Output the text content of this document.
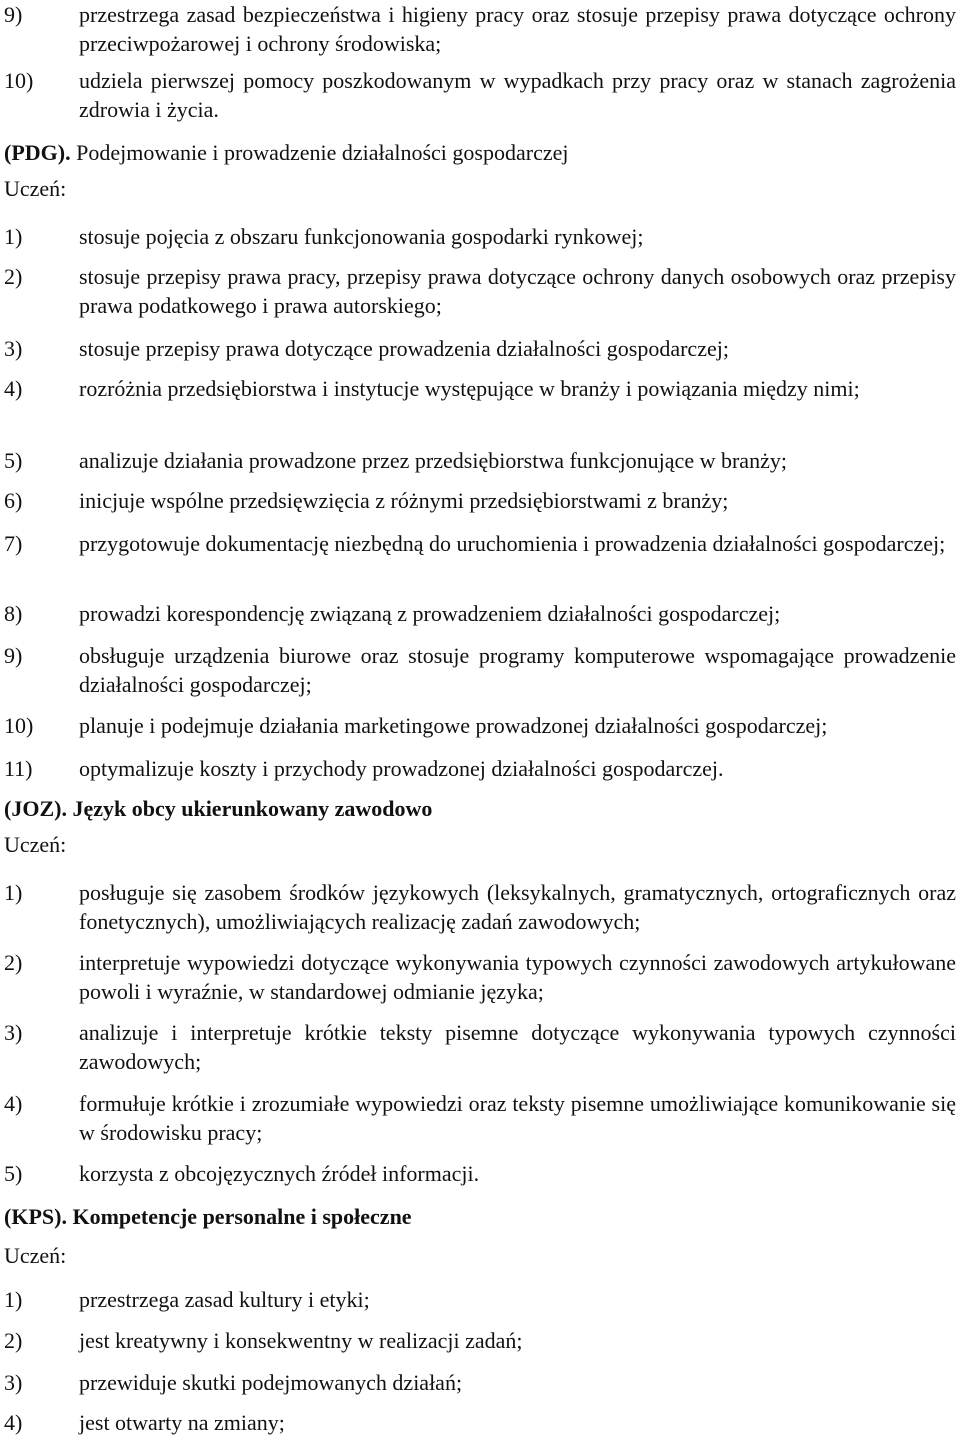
9)	przestrzega zasad bezpieczeństwa i higieny pracy oraz stosuje przepisy prawa dotyczące ochrony przeciwpożarowej i ochrony środowiska;
10) udziela pierwszej pomocy poszkodowanym w wypadkach przy pracy oraz w stanach zagrożenia zdrowia i życia.
(PDG). Podejmowanie i prowadzenie działalności gospodarczej
Uczeń:
1)	stosuje pojęcia z obszaru funkcjonowania gospodarki rynkowej;
2)	stosuje przepisy prawa pracy, przepisy prawa dotyczące ochrony danych osobowych oraz przepisy prawa podatkowego i prawa autorskiego;
3)	stosuje przepisy prawa dotyczące prowadzenia działalności gospodarczej;
4)	rozróżnia przedsiębiorstwa i instytucje występujące w branży i powiązania między nimi;
5)	analizuje działania prowadzone przez przedsiębiorstwa funkcjonujące w branży;
6)	inicjuje wspólne przedsięwzięcia z różnymi przedsiębiorstwami z branży;
7)	przygotowuje dokumentację niezbędną do uruchomienia i prowadzenia działalności gospodarczej;
8)	prowadzi korespondencję związaną z prowadzeniem działalności gospodarczej;
9)	obsługuje urządzenia biurowe oraz stosuje programy komputerowe wspomagające prowadzenie działalności gospodarczej;
10) planuje i podejmuje działania marketingowe prowadzonej działalności gospodarczej;
11) optymalizuje koszty i przychody prowadzonej działalności gospodarczej.
(JOZ). Język obcy ukierunkowany zawodowo
Uczeń:
1)	posługuje się zasobem środków językowych (leksykalnych, gramatycznych, ortograficznych oraz fonetycznych), umożliwiających realizację zadań zawodowych;
2)	interpretuje wypowiedzi dotyczące wykonywania typowych czynności zawodowych artykułowane powoli i wyraźnie, w standardowej odmianie języka;
3)	analizuje i interpretuje krótkie teksty pisemne dotyczące wykonywania typowych czynności zawodowych;
4)	formułuje krótkie i zrozumiałe wypowiedzi oraz teksty pisemne umożliwiające komunikowanie się w środowisku pracy;
5)	korzysta z obcojęzycznych źródeł informacji.
(KPS). Kompetencje personalne i społeczne
Uczeń:
1)	przestrzega zasad kultury i etyki;
2)	jest kreatywny i konsekwentny w realizacji zadań;
3)	przewiduje skutki podejmowanych działań;
4)	jest otwarty na zmiany;
